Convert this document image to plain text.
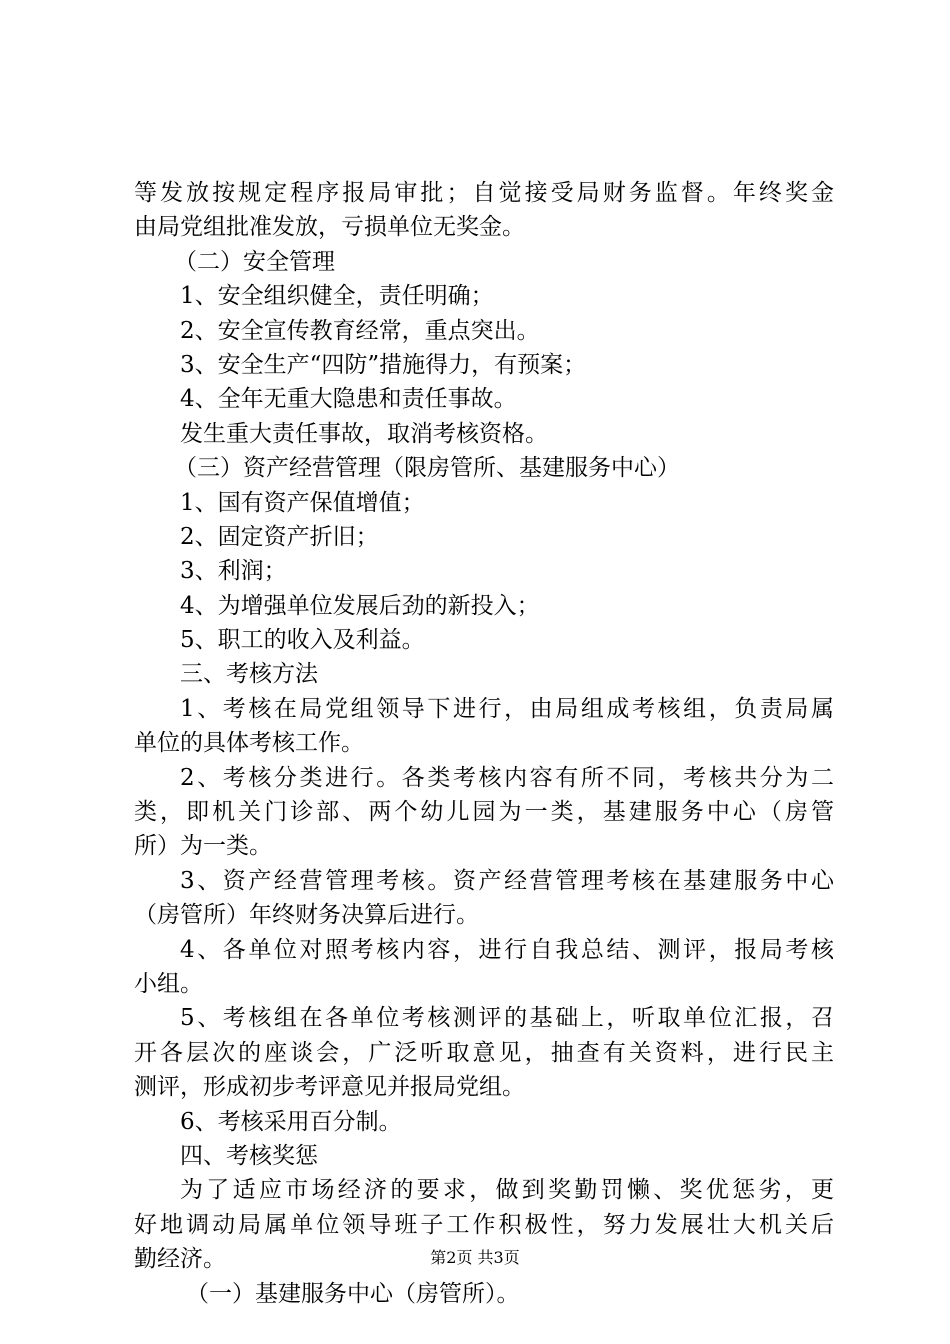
等发放按规定程序报局审批；自觉接受局财务监督。年终奖金
由局党组批准发放，亏损单位无奖金。
（二）安全管理
1、安全组织健全，责任明确；
2、安全宣传教育经常，重点突出。
3、安全生产“四防”措施得力，有预案；
4、全年无重大隐患和责任事故。
发生重大责任事故，取消考核资格。
（三）资产经营管理（限房管所、基建服务中心）
1、国有资产保值增值；
2、固定资产折旧；
3、利润；
4、为增强单位发展后劲的新投入；
5、职工的收入及利益。
三、考核方法
1、考核在局党组领导下进行，由局组成考核组，负责局属
单位的具体考核工作。
2、考核分类进行。各类考核内容有所不同，考核共分为二
类，即机关门诊部、两个幼儿园为一类，基建服务中心（房管
所）为一类。
3、资产经营管理考核。资产经营管理考核在基建服务中心
（房管所）年终财务决算后进行。
4、各单位对照考核内容，进行自我总结、测评，报局考核
小组。
5、考核组在各单位考核测评的基础上，听取单位汇报，召
开各层次的座谈会，广泛听取意见，抽查有关资料，进行民主
测评，形成初步考评意见并报局党组。
6、考核采用百分制。
四、考核奖惩
为了适应市场经济的要求，做到奖勤罚懒、奖优惩劣，更
好地调动局属单位领导班子工作积极性，努力发展壮大机关后
勤经济。
（一）基建服务中心（房管所）。
第2页 共3页
